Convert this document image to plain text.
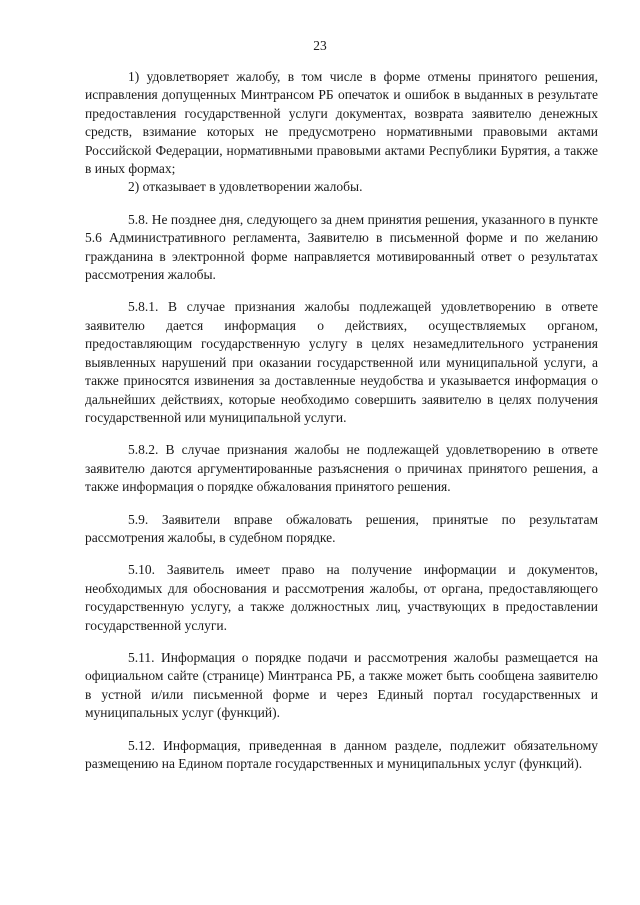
23

1) удовлетворяет жалобу, в том числе в форме отмены принятого решения, исправления допущенных Минтрансом РБ опечаток и ошибок в выданных в результате предоставления государственной услуги документах, возврата заявителю денежных средств, взимание которых не предусмотрено нормативными правовыми актами Российской Федерации, нормативными правовыми актами Республики Бурятия, а также в иных формах;

2) отказывает в удовлетворении жалобы.

5.8. Не позднее дня, следующего за днем принятия решения, указанного в пункте 5.6 Административного регламента, Заявителю в письменной форме и по желанию гражданина в электронной форме направляется мотивированный ответ о результатах рассмотрения жалобы.

5.8.1. В случае признания жалобы подлежащей удовлетворению в ответе заявителю дается информация о действиях, осуществляемых органом, предоставляющим государственную услугу в целях незамедлительного устранения выявленных нарушений при оказании государственной или муниципальной услуги, а также приносятся извинения за доставленные неудобства и указывается информация о дальнейших действиях, которые необходимо совершить заявителю в целях получения государственной или муниципальной услуги.

5.8.2. В случае признания жалобы не подлежащей удовлетворению в ответе заявителю даются аргументированные разъяснения о причинах принятого решения, а также информация о порядке обжалования принятого решения.

5.9. Заявители вправе обжаловать решения, принятые по результатам рассмотрения жалобы, в судебном порядке.

5.10. Заявитель имеет право на получение информации и документов, необходимых для обоснования и рассмотрения жалобы, от органа, предоставляющего государственную услугу, а также должностных лиц, участвующих в предоставлении государственной услуги.

5.11. Информация о порядке подачи и рассмотрения жалобы размещается на официальном сайте (странице) Минтранса РБ, а также может быть сообщена заявителю в устной и/или письменной форме и через Единый портал государственных и муниципальных услуг (функций).

5.12. Информация, приведенная в данном разделе, подлежит обязательному размещению на Едином портале государственных и муниципальных услуг (функций).
